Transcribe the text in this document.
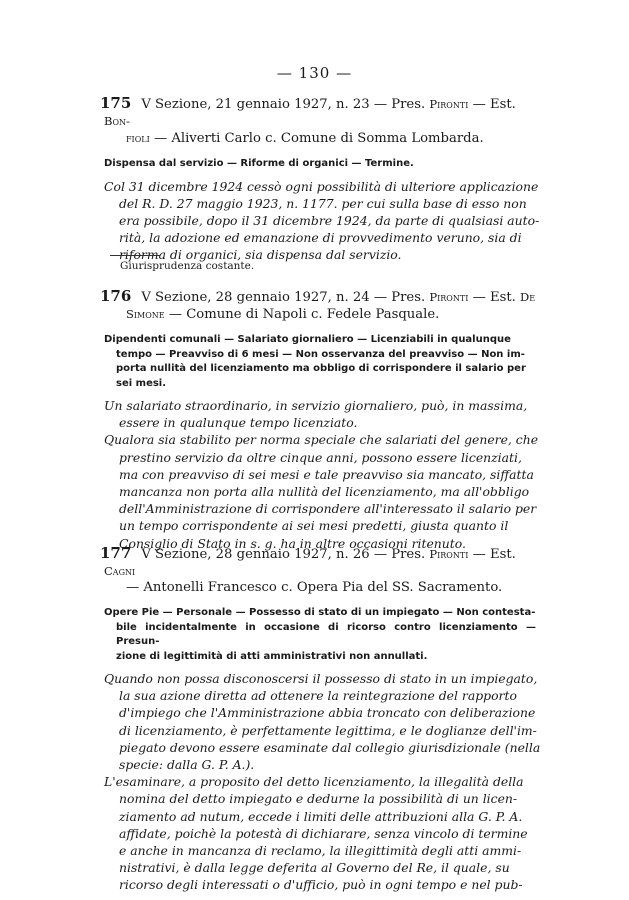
— 130 —
175 V Sezione, 21 gennaio 1927, n. 23 — Pres. Pironti — Est. Bon-
fioli — Aliverti Carlo c. Comune di Somma Lombarda.
Dispensa dal servizio — Riforme di organici — Termine.

Col 31 dicembre 1924 cessò ogni possibilità di ulteriore applicazione
del R. D. 27 maggio 1923, n. 1177. per cui sulla base di esso non
era possibile, dopo il 31 dicembre 1924, da parte di qualsiasi auto-
rità, la adozione ed emanazione di provvedimento veruno, sia di
riforma di organici, sia dispensa dal servizio.

Giurisprudenza costante.
176 V Sezione, 28 gennaio 1927, n. 24 — Pres. Pironti — Est. De
Simone — Comune di Napoli c. Fedele Pasquale.
Dipendenti comunali — Salariato giornaliero — Licenziabili in qualunque
tempo — Preavviso di 6 mesi — Non osservanza del preavviso — Non im-
porta nullità del licenziamento ma obbligo di corrispondere il salario per
sei mesi.

Un salariato straordinario, in servizio giornaliero, può, in massima,
essere in qualunque tempo licenziato.

Qualora sia stabilito per norma speciale che salariati del genere, che
prestino servizio da oltre cinque anni, possono essere licenziati,
ma con preavviso di sei mesi e tale preavviso sia mancato, siffatta
mancanza non porta alla nullità del licenziamento, ma all'obbligo
dell'Amministrazione di corrispondere all'interessato il salario per
un tempo corrispondente ai sei mesi predetti, giusta quanto il
Consiglio di Stato in s. g. ha in altre occasioni ritenuto.

177 V Sezione, 28 gennaio 1927, n. 26 — Pres. Pironti — Est. Cagni
— Antonelli Francesco c. Opera Pia del SS. Sacramento.
Opere Pie — Personale — Possesso di stato di un impiegato — Non contesta-
bile incidentalmente in occasione di ricorso contro licenziamento — Presun-
zione di legittimità di atti amministrativi non annullati.

Quando non possa disconoscersi il possesso di stato in un impiegato,
la sua azione diretta ad ottenere la reintegrazione del rapporto
d'impiego che l'Amministrazione abbia troncato con deliberazione
di licenziamento, è perfettamente legittima, e le doglianze dell'im-
piegato devono essere esaminate dal collegio giurisdizionale (nella
specie: dalla G. P. A.).

L'esaminare, a proposito del detto licenziamento, la illegalità della
nomina del detto impiegato e dedurne la possibilità di un licen-
ziamento ad nutum, eccede i limiti delle attribuzioni alla G. P. A.
affidate, poichè la potestà di dichiarare, senza vincolo di termine
e anche in mancanza di reclamo, la illegittimità degli atti ammi-
nistrativi, è dalla legge deferita al Governo del Re, il quale, su
ricorso degli interessati o d'ufficio, può in ogni tempo e nel pub-
